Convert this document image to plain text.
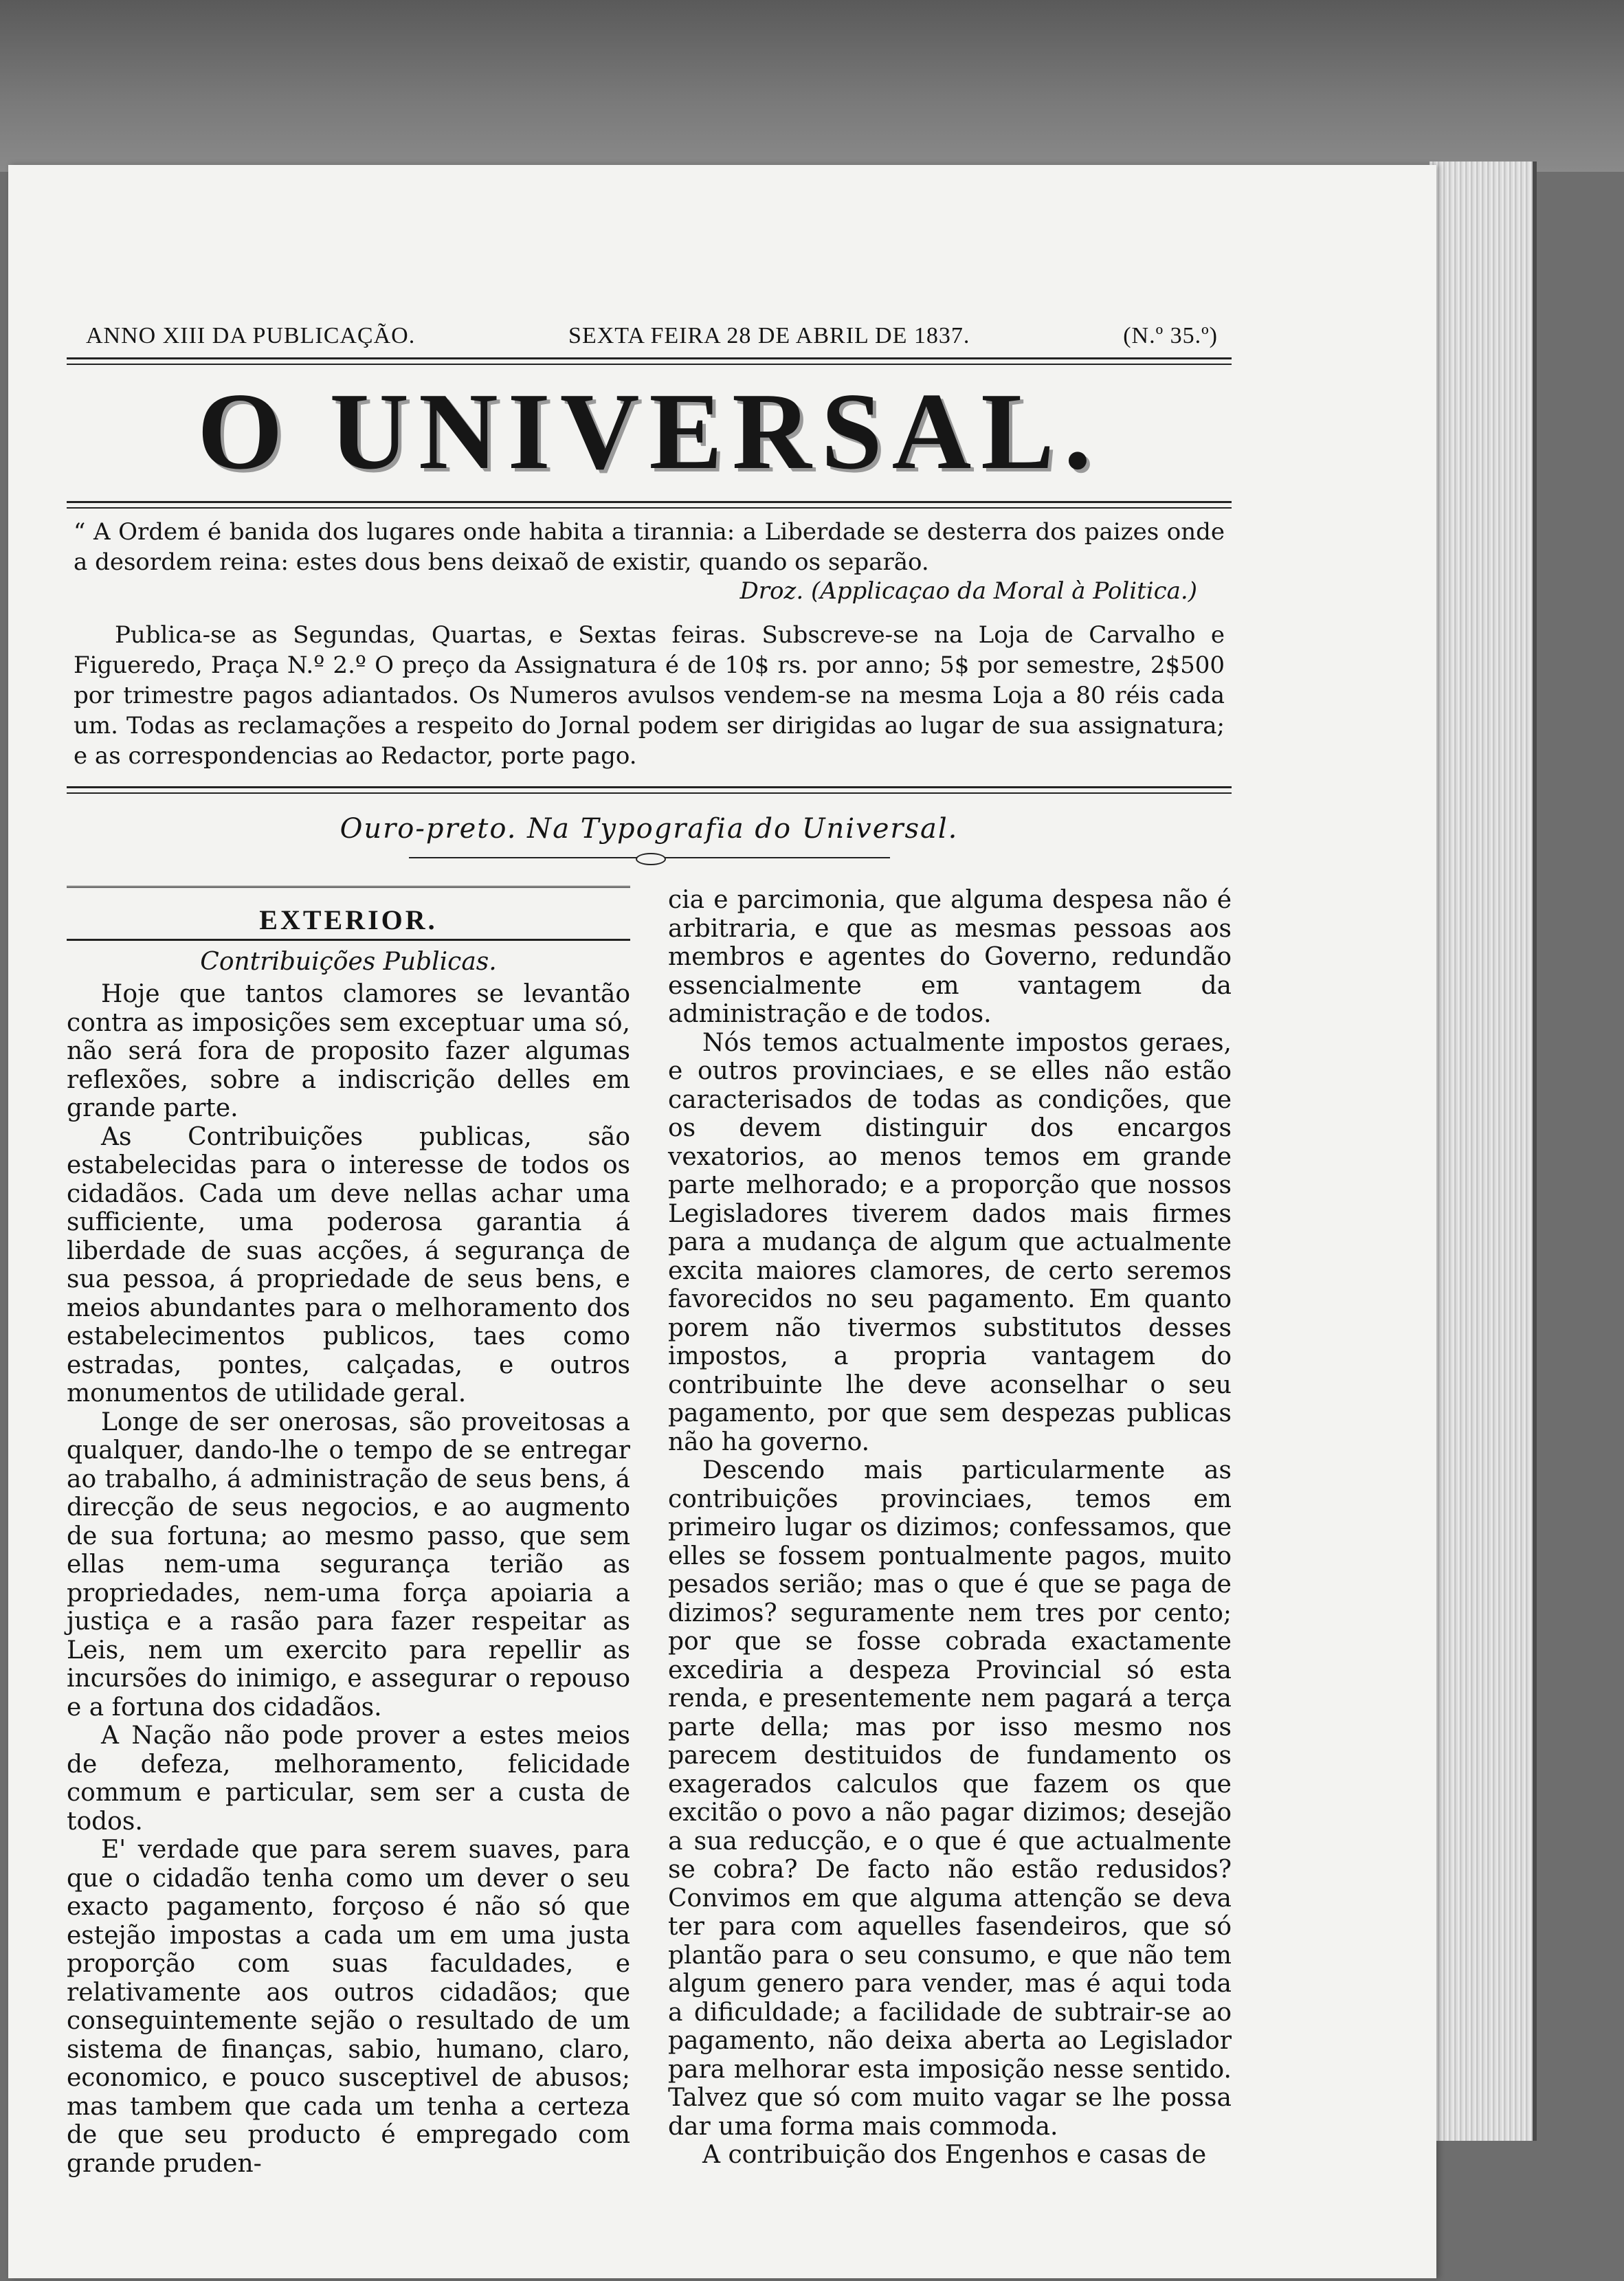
ANNO XIII DA PUBLICAÇÃO.	SEXTA FEIRA 28 DE ABRIL DE 1837.	(N.º 35.º)
O UNIVERSAL.
“ A Ordem é banida dos lugares onde habita a tirannia: a Liberdade se desterra dos paizes onde a desordem reina: estes dous bens deixaõ de existir, quando os separão.
Droz. (Applicaçao da Moral à Politica.)
Publica-se as Segundas, Quartas, e Sextas feiras. Subscreve-se na Loja de Carvalho e Figueredo, Praça N.º 2.º O preço da Assignatura é de 10$ rs. por anno; 5$ por semestre, 2$500 por trimestre pagos adiantados. Os Numeros avulsos vendem-se na mesma Loja a 80 réis cada um. Todas as reclamações a respeito do Jornal podem ser dirigidas ao lugar de sua assignatura; e as correspondencias ao Redactor, porte pago.
Ouro-preto. Na Typografia do Universal.
EXTERIOR.
Contribuições Publicas.

Hoje que tantos clamores se levantão contra as imposições sem exceptuar uma só, não será fora de proposito fazer algumas reflexões, sobre a indiscrição delles em grande parte.

As Contribuições publicas, são estabelecidas para o interesse de todos os cidadãos. Cada um deve nellas achar uma sufficiente, uma poderosa garantia á liberdade de suas acções, á segurança de sua pessoa, á propriedade de seus bens, e meios abundantes para o melhoramento dos estabelecimentos publicos, taes como estradas, pontes, calçadas, e outros monumentos de utilidade geral.

Longe de ser onerosas, são proveitosas a qualquer, dando-lhe o tempo de se entregar ao trabalho, á administração de seus bens, á direcção de seus negocios, e ao augmento de sua fortuna; ao mesmo passo, que sem ellas nem-uma segurança terião as propriedades, nem-uma força apoiaria a justiça e a rasão para fazer respeitar as Leis, nem um exercito para repellir as incursões do inimigo, e assegurar o repouso e a fortuna dos cidadãos.

A Nação não pode prover a estes meios de defeza, melhoramento, felicidade commum e particular, sem ser a custa de todos.

E' verdade que para serem suaves, para que o cidadão tenha como um dever o seu exacto pagamento, forçoso é não só que estejão impostas a cada um em uma justa proporção com suas faculdades, e relativamente aos outros cidadãos; que conseguintemente sejão o resultado de um sistema de finanças, sabio, humano, claro, economico, e pouco susceptivel de abusos; mas tambem que cada um tenha a certeza de que seu producto é empregado com grande pruden-

cia e parcimonia, que alguma despesa não é arbitraria, e que as mesmas pessoas aos membros e agentes do Governo, redundão essencialmente em vantagem da administração e de todos.

Nós temos actualmente impostos geraes, e outros provinciaes, e se elles não estão caracterisados de todas as condições, que os devem distinguir dos encargos vexatorios, ao menos temos em grande parte melhorado; e a proporção que nossos Legisladores tiverem dados mais firmes para a mudança de algum que actualmente excita maiores clamores, de certo seremos favorecidos no seu pagamento. Em quanto porem não tivermos substitutos desses impostos, a propria vantagem do contribuinte lhe deve aconselhar o seu pagamento, por que sem despezas publicas não ha governo.

Descendo mais particularmente as contribuições provinciaes, temos em primeiro lugar os dizimos; confessamos, que elles se fossem pontualmente pagos, muito pesados serião; mas o que é que se paga de dizimos? seguramente nem tres por cento; por que se fosse cobrada exactamente excediria a despeza Provincial só esta renda, e presentemente nem pagará a terça parte della; mas por isso mesmo nos parecem destituidos de fundamento os exagerados calculos que fazem os que excitão o povo a não pagar dizimos; desejão a sua reducção, e o que é que actualmente se cobra? De facto não estão redusidos? Convimos em que alguma attenção se deva ter para com aquelles fasendeiros, que só plantão para o seu consumo, e que não tem algum genero para vender, mas é aqui toda a dificuldade; a facilidade de subtrair-se ao pagamento, não deixa aberta ao Legislador para melhorar esta imposição nesse sentido. Talvez que só com muito vagar se lhe possa dar uma forma mais commoda.

A contribuição dos Engenhos e casas de
